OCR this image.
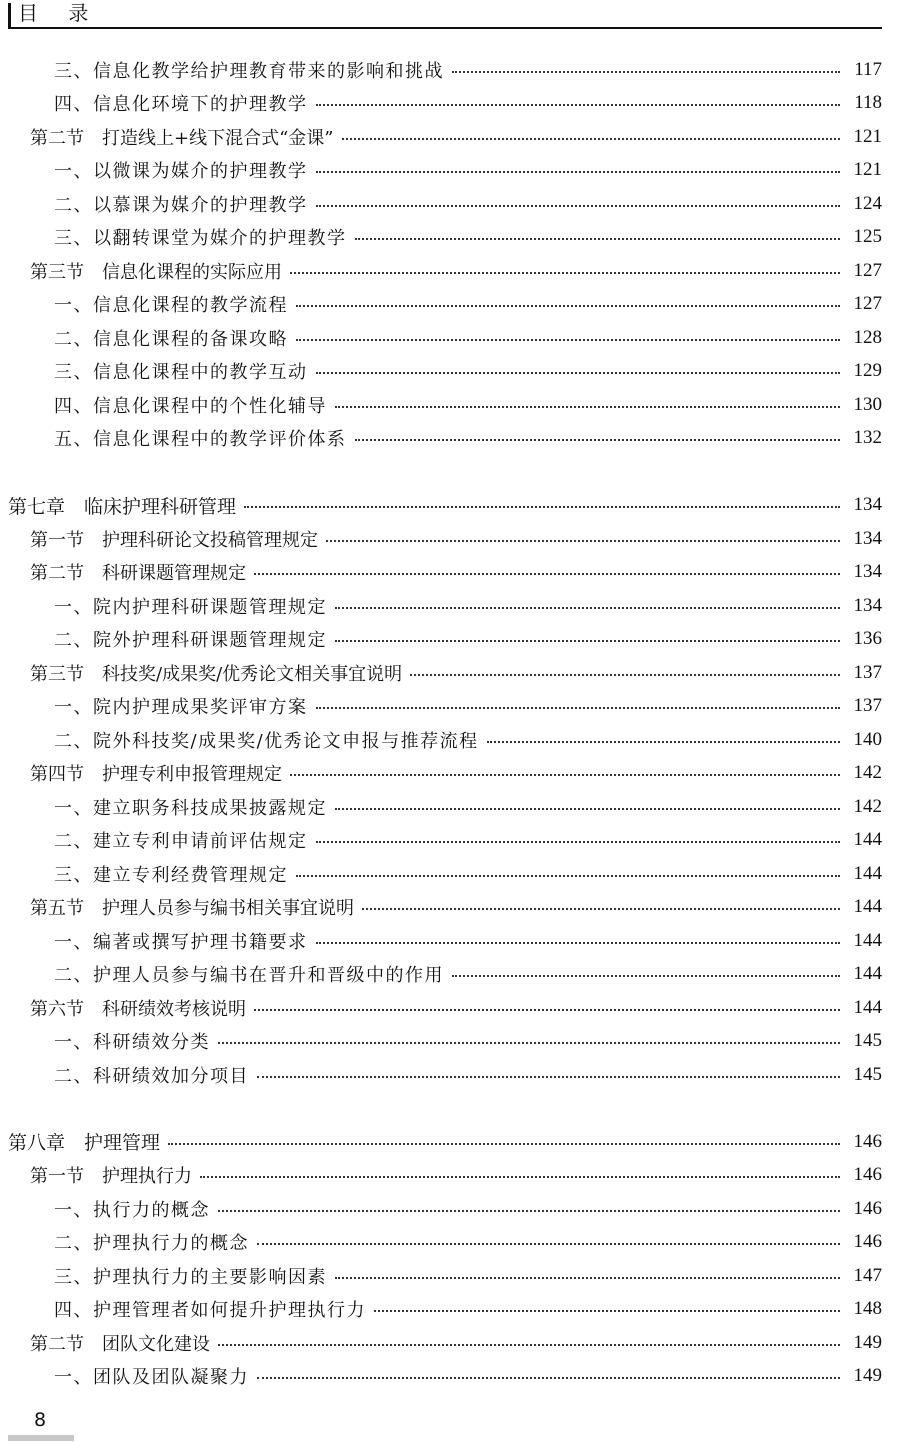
目 录
三、信息化教学给护理教育带来的影响和挑战	117
四、信息化环境下的护理教学	118
第二节　打造线上+线下混合式“金课”	121
一、以微课为媒介的护理教学	121
二、以慕课为媒介的护理教学	124
三、以翻转课堂为媒介的护理教学	125
第三节　信息化课程的实际应用	127
一、信息化课程的教学流程	127
二、信息化课程的备课攻略	128
三、信息化课程中的教学互动	129
四、信息化课程中的个性化辅导	130
五、信息化课程中的教学评价体系	132
第七章　临床护理科研管理	134
第一节　护理科研论文投稿管理规定	134
第二节　科研课题管理规定	134
一、院内护理科研课题管理规定	134
二、院外护理科研课题管理规定	136
第三节　科技奖/成果奖/优秀论文相关事宜说明	137
一、院内护理成果奖评审方案	137
二、院外科技奖/成果奖/优秀论文申报与推荐流程	140
第四节　护理专利申报管理规定	142
一、建立职务科技成果披露规定	142
二、建立专利申请前评估规定	144
三、建立专利经费管理规定	144
第五节　护理人员参与编书相关事宜说明	144
一、编著或撰写护理书籍要求	144
二、护理人员参与编书在晋升和晋级中的作用	144
第六节　科研绩效考核说明	144
一、科研绩效分类	145
二、科研绩效加分项目	145
第八章　护理管理	146
第一节　护理执行力	146
一、执行力的概念	146
二、护理执行力的概念	146
三、护理执行力的主要影响因素	147
四、护理管理者如何提升护理执行力	148
第二节　团队文化建设	149
一、团队及团队凝聚力	149
8
